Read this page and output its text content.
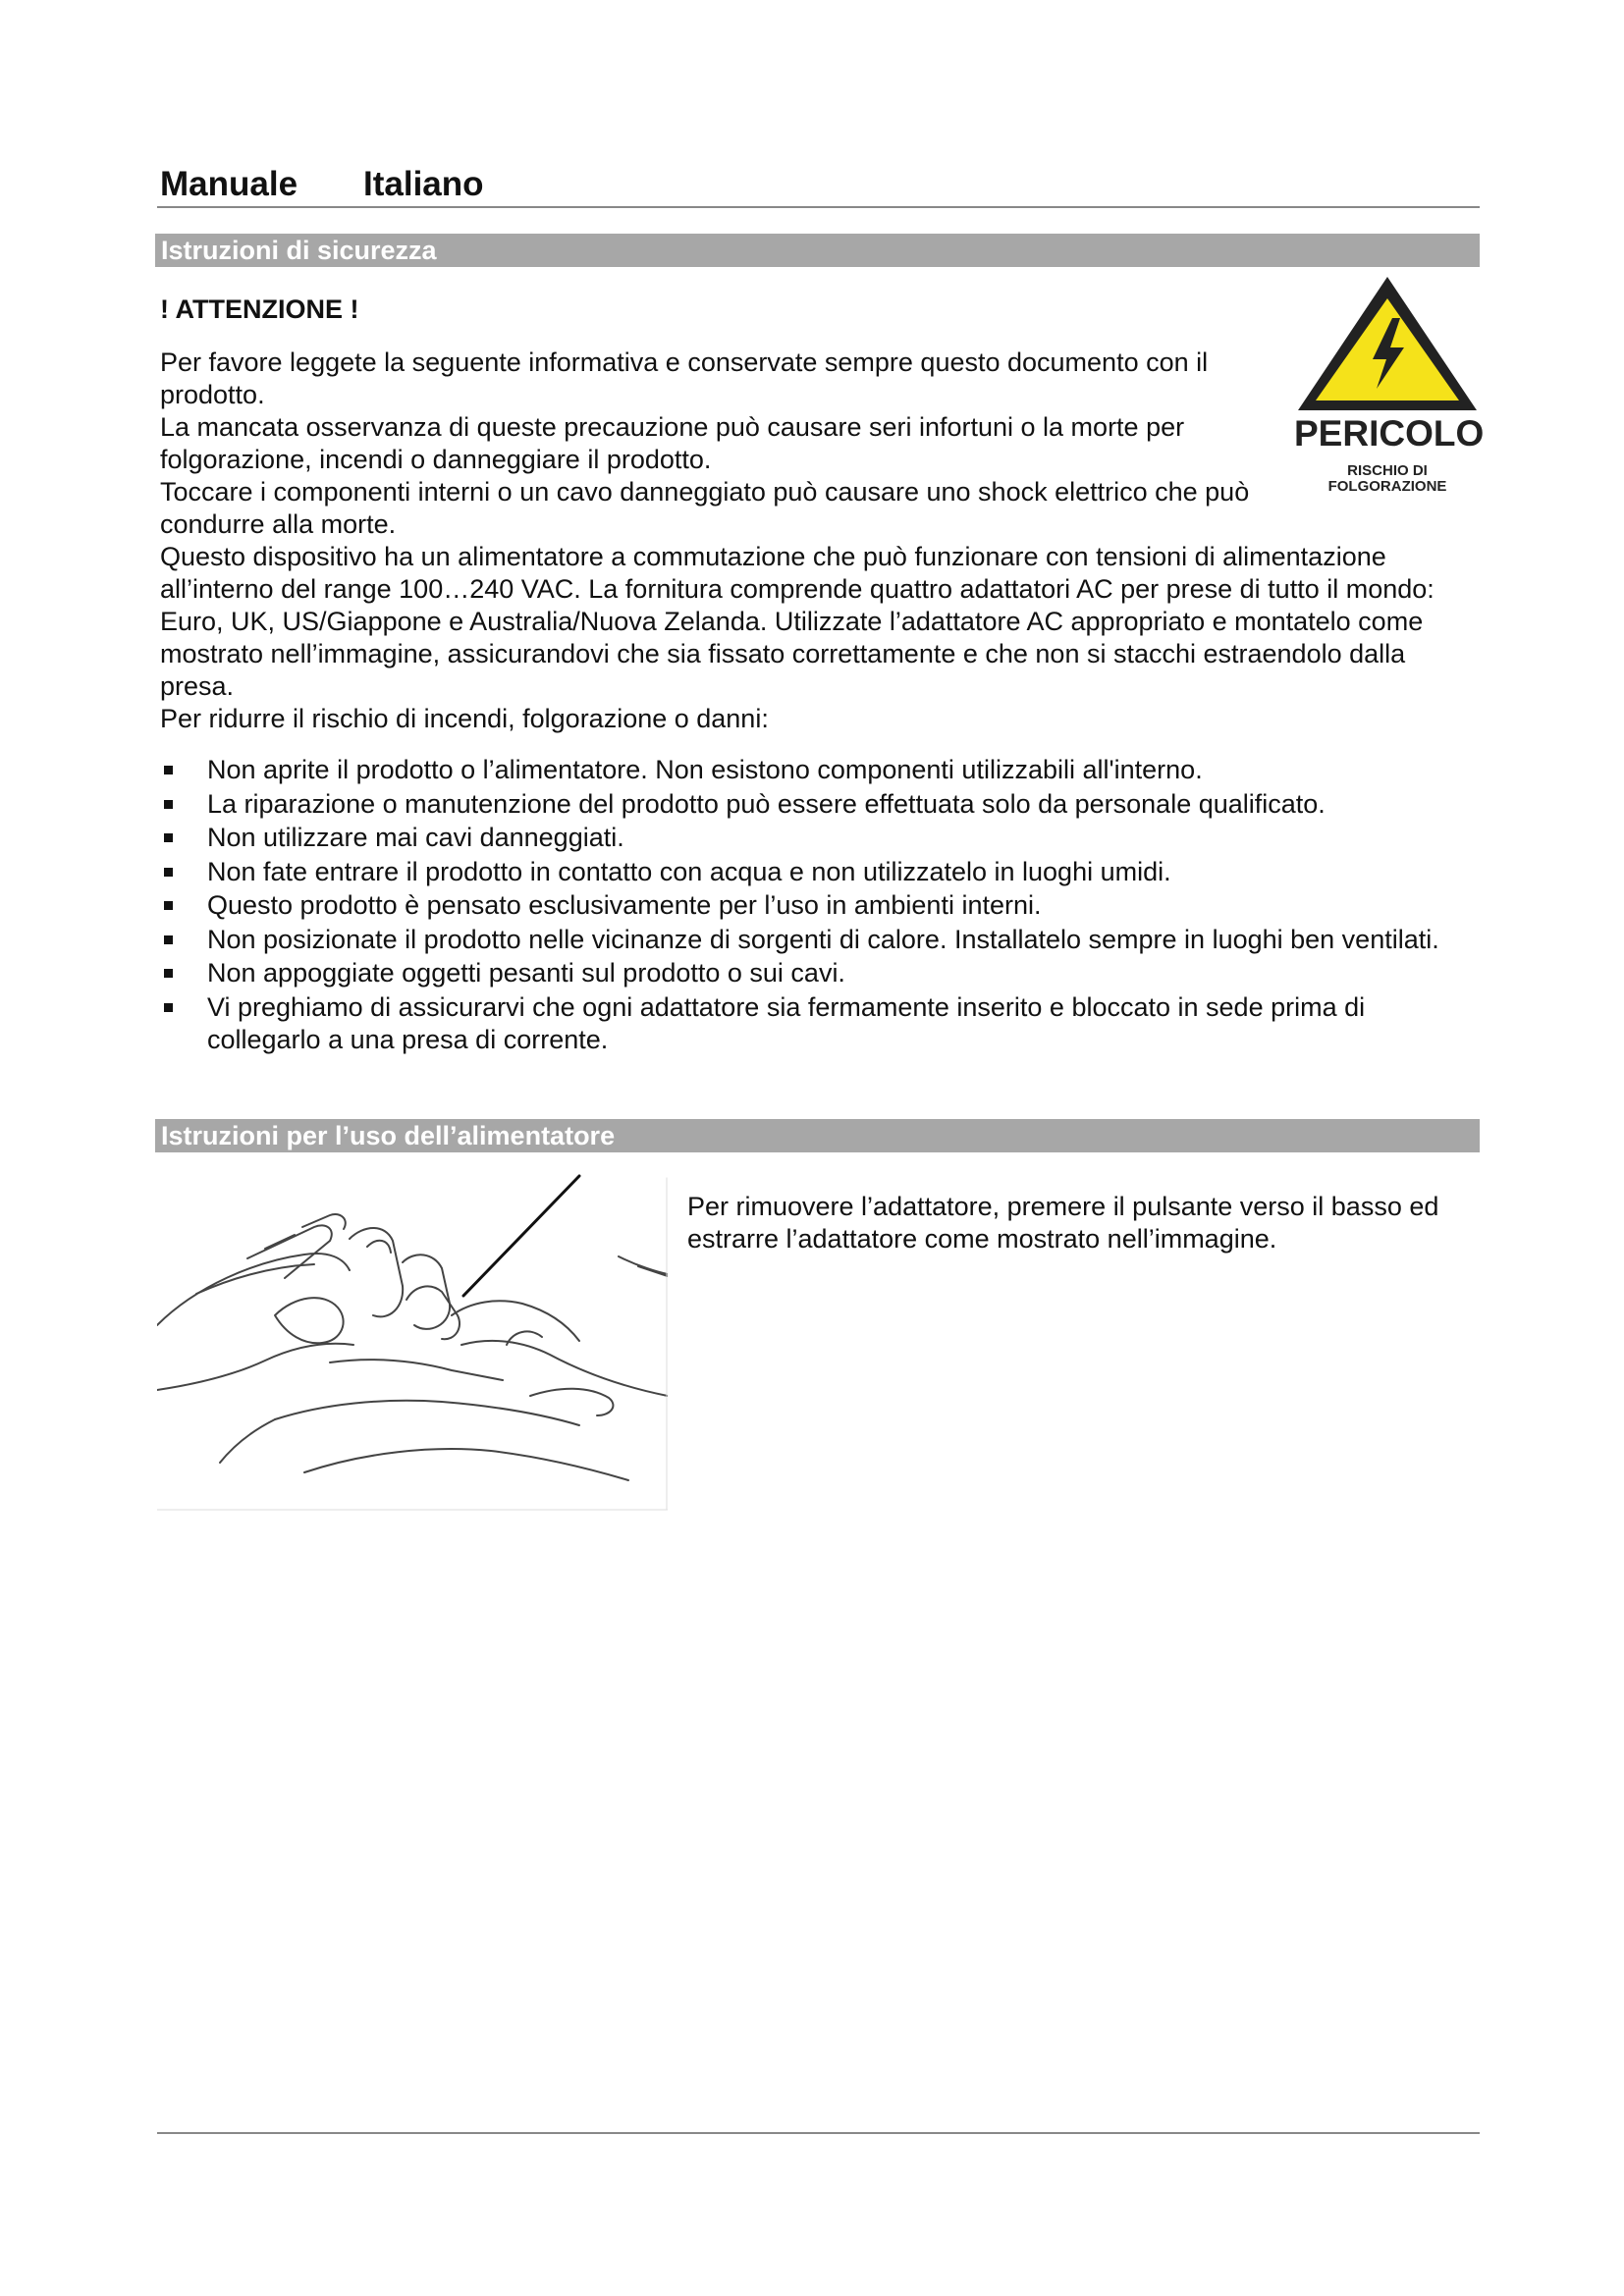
Manuale Italiano
Istruzioni di sicurezza
! ATTENZIONE !

Per favore leggete la seguente informativa e conservate sempre questo documento con il prodotto.

La mancata osservanza di queste precauzione può causare seri infortuni o la morte per folgorazione, incendi o danneggiare il prodotto.

Toccare i componenti interni o un cavo danneggiato può causare uno shock elettrico che può condurre alla morte.

Questo dispositivo ha un alimentatore a commutazione che può funzionare con tensioni di alimentazione all’interno del range 100…240 VAC. La fornitura comprende quattro adattatori AC per prese di tutto il mondo: Euro, UK, US/Giappone e Australia/Nuova Zelanda. Utilizzate l’adattatore AC appropriato e montatelo come mostrato nell’immagine, assicurandovi che sia fissato correttamente e che non si stacchi estraendolo dalla presa.

Per ridurre il rischio di incendi, folgorazione o danni:

PERICOLO
RISCHIO DI
FOLGORAZIONE
Non aprite il prodotto o l’alimentatore. Non esistono componenti utilizzabili all'interno.
La riparazione o manutenzione del prodotto può essere effettuata solo da personale qualificato.
Non utilizzare mai cavi danneggiati.
Non fate entrare il prodotto in contatto con acqua e non utilizzatelo in luoghi umidi.
Questo prodotto è pensato esclusivamente per l’uso in ambienti interni.
Non posizionate il prodotto nelle vicinanze di sorgenti di calore. Installatelo sempre in luoghi ben ventilati.
Non appoggiate oggetti pesanti sul prodotto o sui cavi.
Vi preghiamo di assicurarvi che ogni adattatore sia fermamente inserito e bloccato in sede prima di collegarlo a una presa di corrente.
Istruzioni per l’uso dell’alimentatore
Per rimuovere l’adattatore, premere il pulsante verso il basso ed estrarre l’adattatore come mostrato nell’immagine.
